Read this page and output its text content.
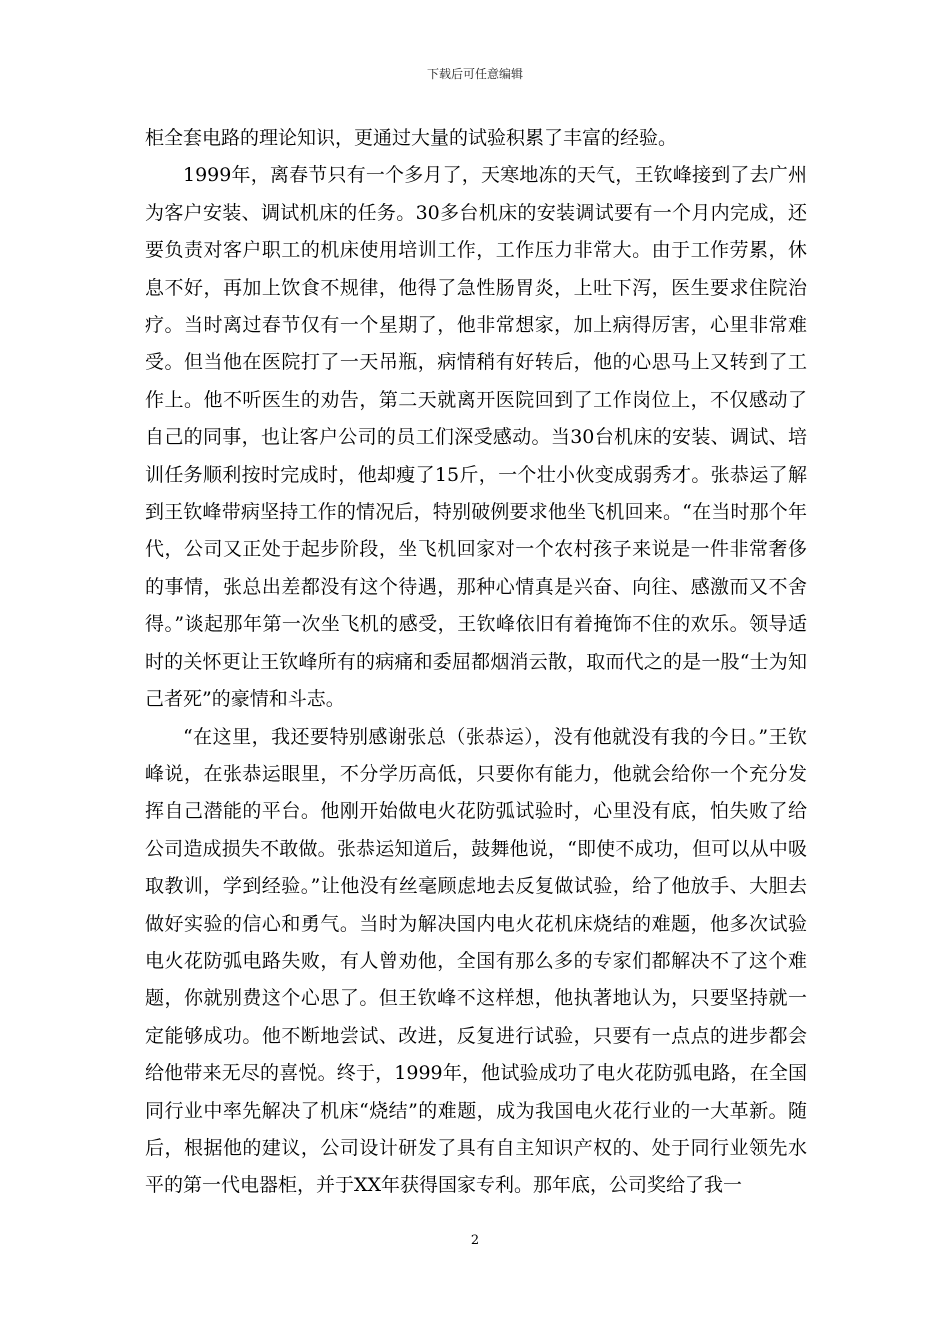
下载后可任意编辑

柜全套电路的理论知识，更通过大量的试验积累了丰富的经验。

1999年，离春节只有一个多月了，天寒地冻的天气，王钦峰接到了去广州为客户安装、调试机床的任务。30多台机床的安装调试要有一个月内完成，还要负责对客户职工的机床使用培训工作，工作压力非常大。由于工作劳累，休息不好，再加上饮食不规律，他得了急性肠胃炎，上吐下泻，医生要求住院治疗。当时离过春节仅有一个星期了，他非常想家，加上病得厉害，心里非常难受。但当他在医院打了一天吊瓶，病情稍有好转后，他的心思马上又转到了工作上。他不听医生的劝告，第二天就离开医院回到了工作岗位上，不仅感动了自己的同事，也让客户公司的员工们深受感动。当30台机床的安装、调试、培训任务顺利按时完成时，他却瘦了15斤，一个壮小伙变成弱秀才。张恭运了解到王钦峰带病坚持工作的情况后，特别破例要求他坐飞机回来。“在当时那个年代，公司又正处于起步阶段，坐飞机回家对一个农村孩子来说是一件非常奢侈的事情，张总出差都没有这个待遇，那种心情真是兴奋、向往、感激而又不舍得。”谈起那年第一次坐飞机的感受，王钦峰依旧有着掩饰不住的欢乐。领导适时的关怀更让王钦峰所有的病痛和委屈都烟消云散，取而代之的是一股“士为知己者死”的豪情和斗志。

“在这里，我还要特别感谢张总（张恭运），没有他就没有我的今日。”王钦峰说，在张恭运眼里，不分学历高低，只要你有能力，他就会给你一个充分发挥自己潜能的平台。他刚开始做电火花防弧试验时，心里没有底，怕失败了给公司造成损失不敢做。张恭运知道后，鼓舞他说，“即使不成功，但可以从中吸取教训，学到经验。”让他没有丝毫顾虑地去反复做试验，给了他放手、大胆去做好实验的信心和勇气。当时为解决国内电火花机床烧结的难题，他多次试验电火花防弧电路失败，有人曾劝他，全国有那么多的专家们都解决不了这个难题，你就别费这个心思了。但王钦峰不这样想，他执著地认为，只要坚持就一定能够成功。他不断地尝试、改进，反复进行试验，只要有一点点的进步都会给他带来无尽的喜悦。终于，1999年，他试验成功了电火花防弧电路，在全国同行业中率先解决了机床“烧结”的难题，成为我国电火花行业的一大革新。随后，根据他的建议，公司设计研发了具有自主知识产权的、处于同行业领先水平的第一代电器柜，并于XX年获得国家专利。那年底，公司奖给了我一

2
